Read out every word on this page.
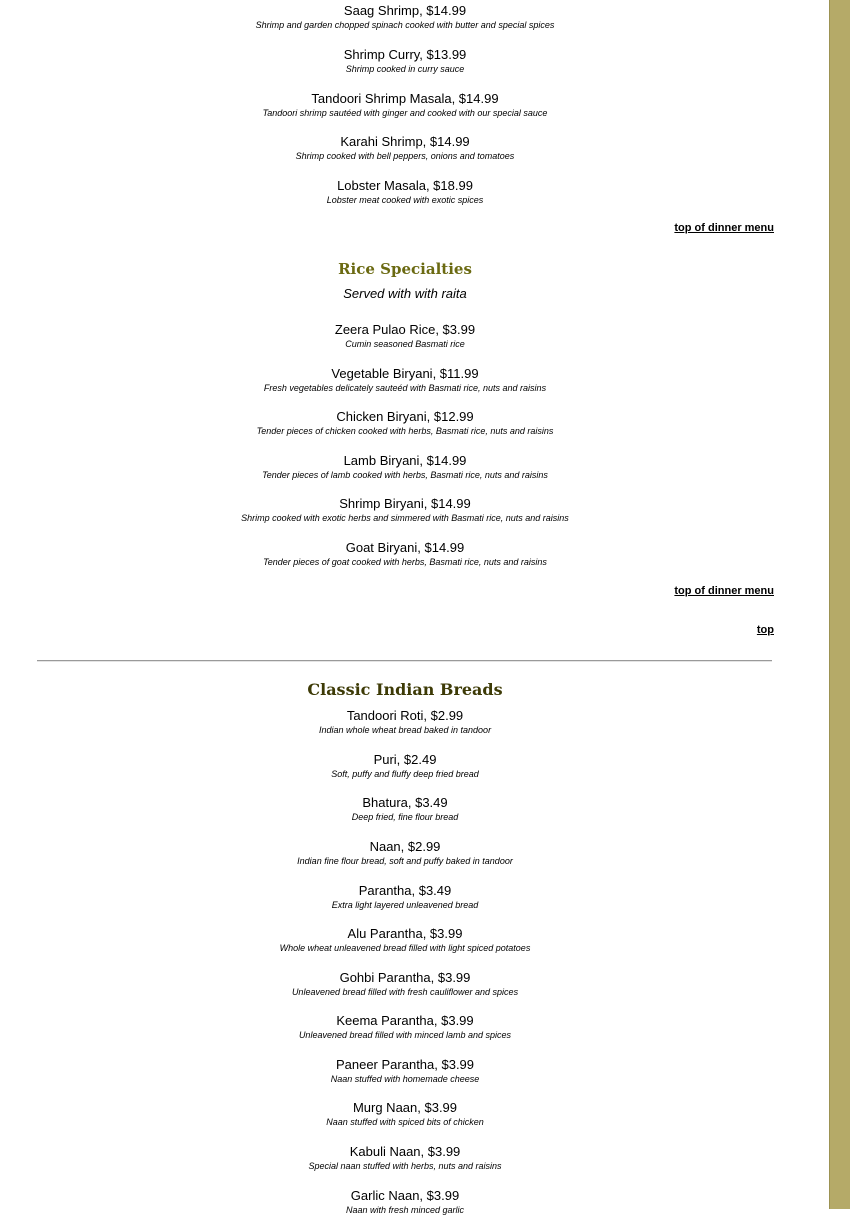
Saag Shrimp, $14.99
Shrimp and garden chopped spinach cooked with butter and special spices
Shrimp Curry, $13.99
Shrimp cooked in curry sauce
Tandoori Shrimp Masala, $14.99
Tandoori shrimp sautéed with ginger and cooked with our special sauce
Karahi Shrimp, $14.99
Shrimp cooked with bell peppers, onions and tomatoes
Lobster Masala, $18.99
Lobster meat cooked with exotic spices
top of dinner menu
Rice Specialties
Served with with raita
Zeera Pulao Rice, $3.99
Cumin seasoned Basmati rice
Vegetable Biryani, $11.99
Fresh vegetables delicately sauteéd with Basmati rice, nuts and raisins
Chicken Biryani, $12.99
Tender pieces of chicken cooked with herbs, Basmati rice, nuts and raisins
Lamb Biryani, $14.99
Tender pieces of lamb cooked with herbs, Basmati rice, nuts and raisins
Shrimp Biryani, $14.99
Shrimp cooked with exotic herbs and simmered with Basmati rice, nuts and raisins
Goat Biryani, $14.99
Tender pieces of goat cooked with herbs, Basmati rice, nuts and raisins
top of dinner menu
top
Classic Indian Breads
Tandoori Roti, $2.99
Indian whole wheat bread baked in tandoor
Puri, $2.49
Soft, puffy and fluffy deep fried bread
Bhatura, $3.49
Deep fried, fine flour bread
Naan, $2.99
Indian fine flour bread, soft and puffy baked in tandoor
Parantha, $3.49
Extra light layered unleavened bread
Alu Parantha, $3.99
Whole wheat unleavened bread filled with light spiced potatoes
Gohbi Parantha, $3.99
Unleavened bread filled with fresh cauliflower and spices
Keema Parantha, $3.99
Unleavened bread filled with minced lamb and spices
Paneer Parantha, $3.99
Naan stuffed with homemade cheese
Murg Naan, $3.99
Naan stuffed with spiced bits of chicken
Kabuli Naan, $3.99
Special naan stuffed with herbs, nuts and raisins
Garlic Naan, $3.99
Naan with fresh minced garlic
